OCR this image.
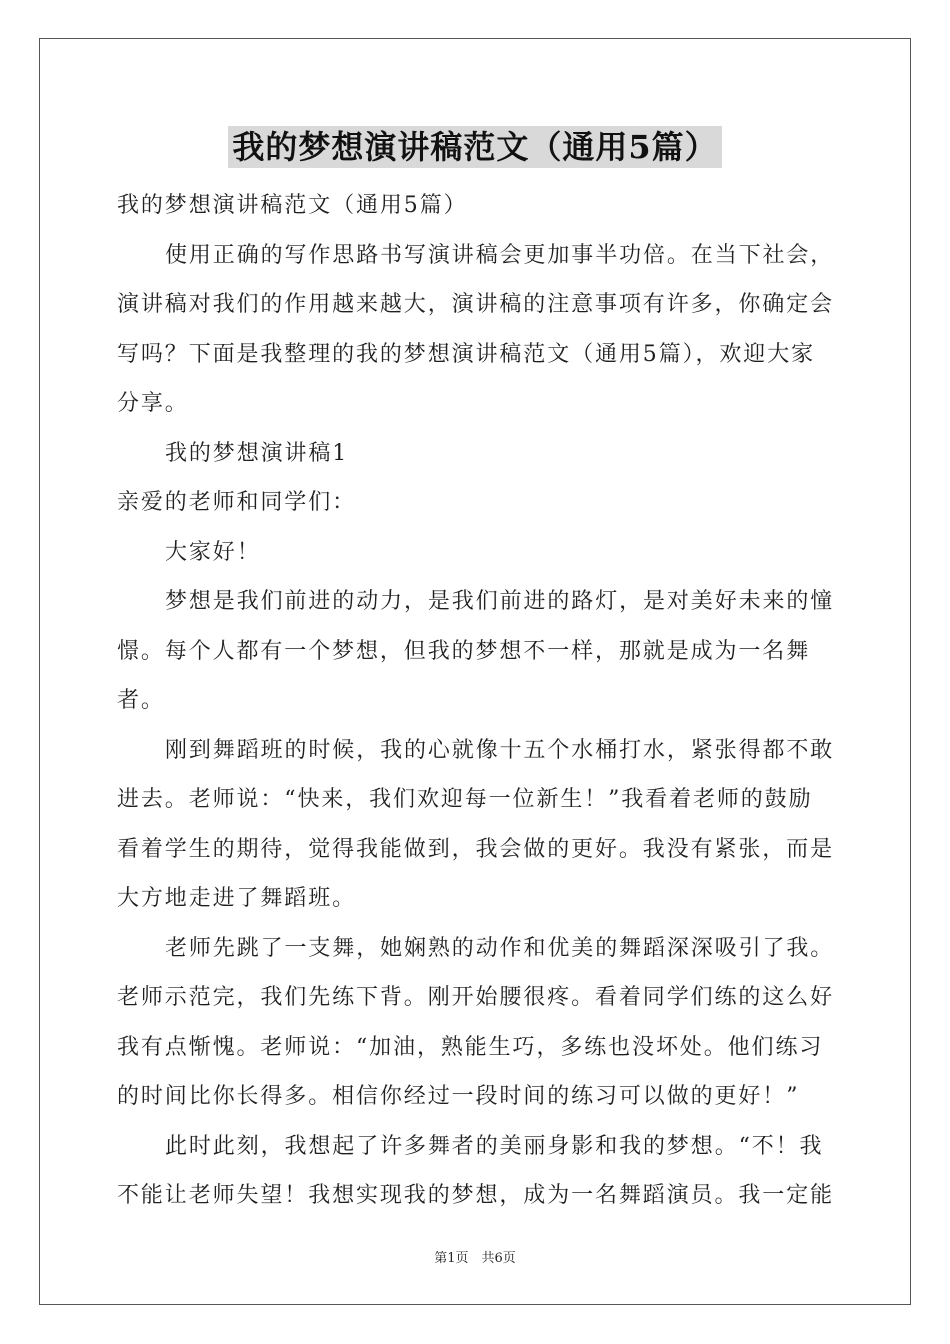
我的梦想演讲稿范文（通用5篇）

我的梦想演讲稿范文（通用5篇）

使用正确的写作思路书写演讲稿会更加事半功倍。在当下社会，演讲稿对我们的作用越来越大，演讲稿的注意事项有许多，你确定会写吗？下面是我整理的我的梦想演讲稿范文（通用5篇），欢迎大家分享。

我的梦想演讲稿1

亲爱的老师和同学们：

大家好！

梦想是我们前进的动力，是我们前进的路灯，是对美好未来的憧憬。每个人都有一个梦想，但我的梦想不一样，那就是成为一名舞者。

刚到舞蹈班的时候，我的心就像十五个水桶打水，紧张得都不敢进去。老师说：“快来，我们欢迎每一位新生！”我看着老师的鼓励看着学生的期待，觉得我能做到，我会做的更好。我没有紧张，而是大方地走进了舞蹈班。

老师先跳了一支舞，她娴熟的动作和优美的舞蹈深深吸引了我。老师示范完，我们先练下背。刚开始腰很疼。看着同学们练的这么好我有点惭愧。老师说：“加油，熟能生巧，多练也没坏处。他们练习的时间比你长得多。相信你经过一段时间的练习可以做的更好！”

此时此刻，我想起了许多舞者的美丽身影和我的梦想。“不！我不能让老师失望！我想实现我的梦想，成为一名舞蹈演员。我一定能

第1页　共6页
